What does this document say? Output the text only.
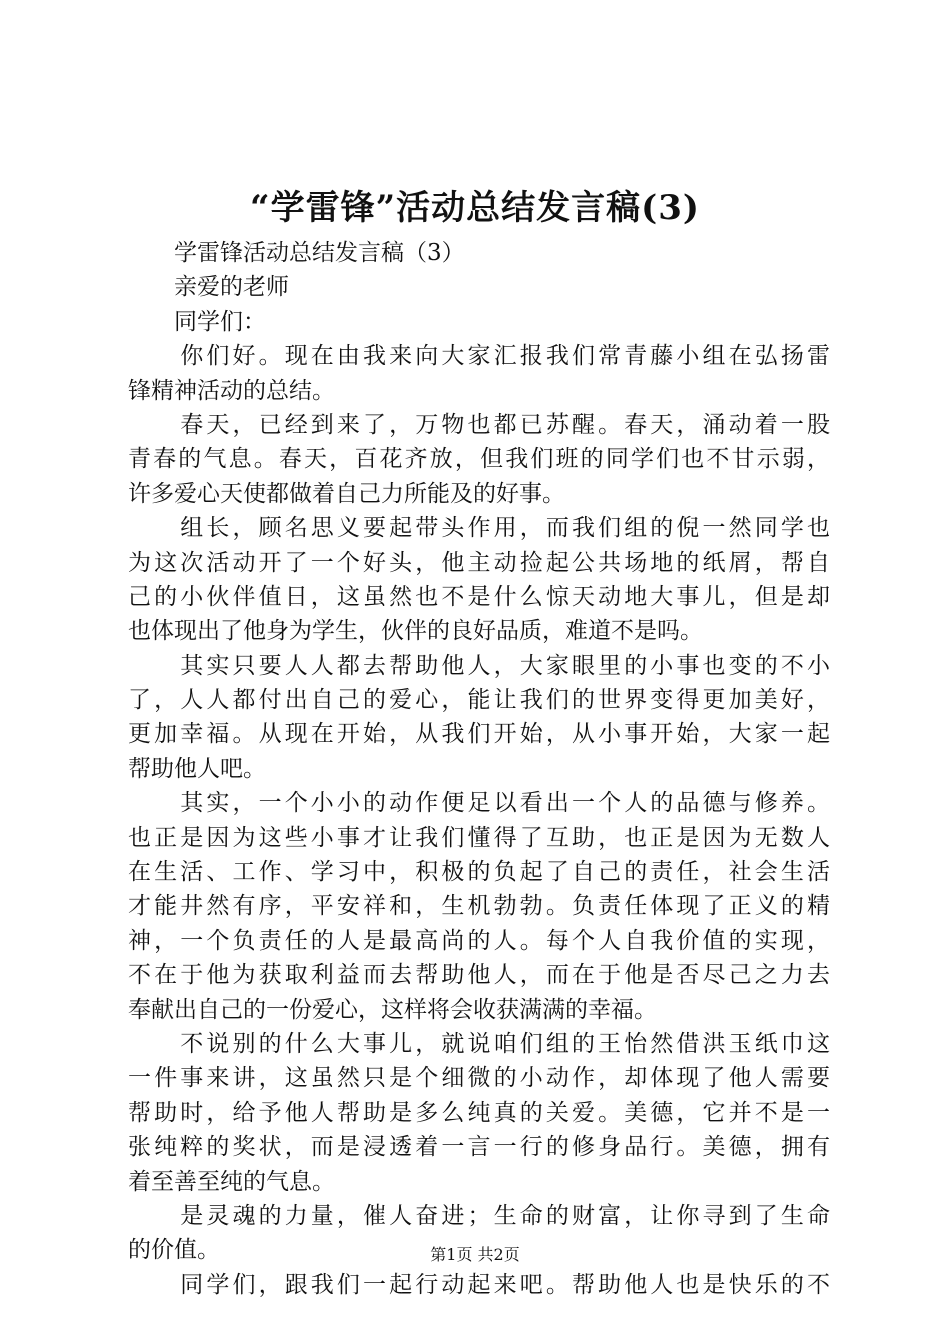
“学雷锋”活动总结发言稿(3)
　　学雷锋活动总结发言稿（3）
　　亲爱的老师
　　同学们：
　　你们好。现在由我来向大家汇报我们常青藤小组在弘扬雷
锋精神活动的总结。
　　春天，已经到来了，万物也都已苏醒。春天，涌动着一股
青春的气息。春天，百花齐放，但我们班的同学们也不甘示弱，
许多爱心天使都做着自己力所能及的好事。
　　组长，顾名思义要起带头作用，而我们组的倪一然同学也
为这次活动开了一个好头，他主动捡起公共场地的纸屑，帮自
己的小伙伴值日，这虽然也不是什么惊天动地大事儿，但是却
也体现出了他身为学生，伙伴的良好品质，难道不是吗。
　　其实只要人人都去帮助他人，大家眼里的小事也变的不小
了，人人都付出自己的爱心，能让我们的世界变得更加美好，
更加幸福。从现在开始，从我们开始，从小事开始，大家一起
帮助他人吧。
　　其实，一个小小的动作便足以看出一个人的品德与修养。
也正是因为这些小事才让我们懂得了互助，也正是因为无数人
在生活、工作、学习中，积极的负起了自己的责任，社会生活
才能井然有序，平安祥和，生机勃勃。负责任体现了正义的精
神，一个负责任的人是最高尚的人。每个人自我价值的实现，
不在于他为获取利益而去帮助他人，而在于他是否尽己之力去
奉献出自己的一份爱心，这样将会收获满满的幸福。
　　不说别的什么大事儿，就说咱们组的王怡然借洪玉纸巾这
一件事来讲，这虽然只是个细微的小动作，却体现了他人需要
帮助时，给予他人帮助是多么纯真的关爱。美德，它并不是一
张纯粹的奖状，而是浸透着一言一行的修身品行。美德，拥有
着至善至纯的气息。
　　是灵魂的力量，催人奋进；生命的财富，让你寻到了生命
的价值。
　　同学们，跟我们一起行动起来吧。帮助他人也是快乐的不
第1页 共2页
